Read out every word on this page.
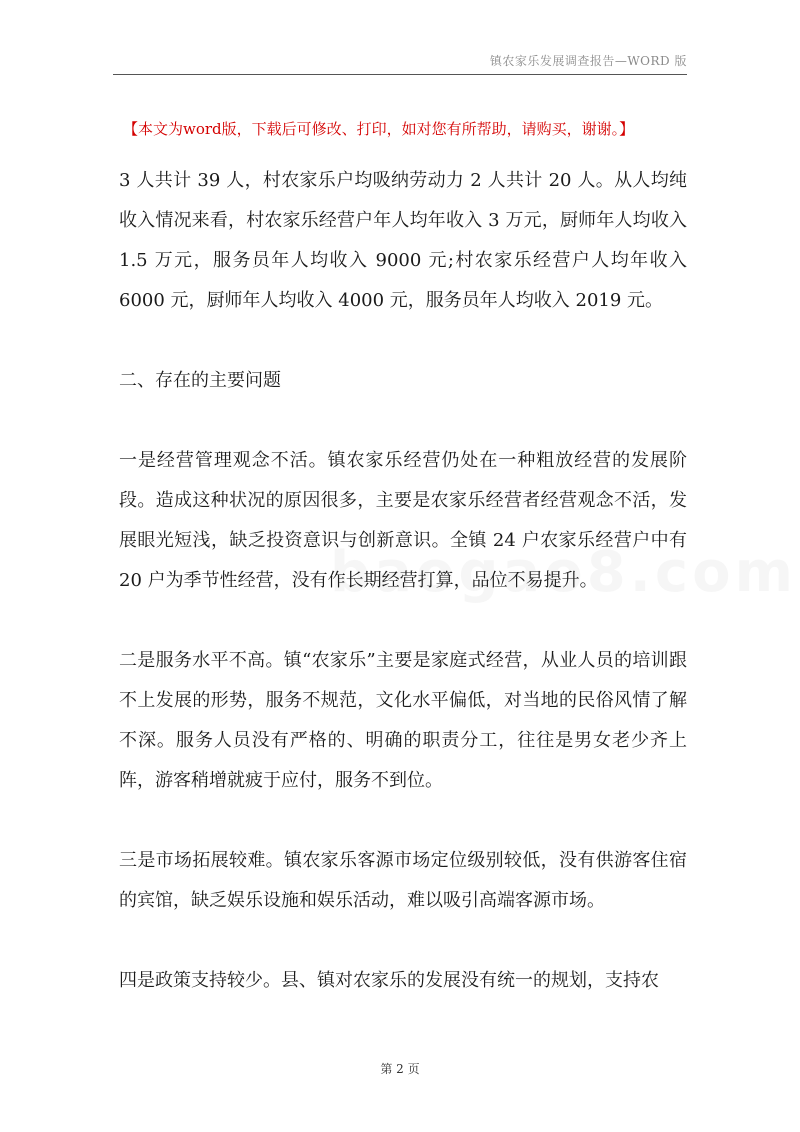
镇农家乐发展调查报告—WORD 版
【本文为word版，下载后可修改、打印，如对您有所帮助，请购买，谢谢。】

3 人共计 39 人，村农家乐户均吸纳劳动力 2 人共计 20 人。从人均纯收入情况来看，村农家乐经营户年人均年收入 3 万元，厨师年人均收入 1.5 万元，服务员年人均收入 9000 元;村农家乐经营户人均年收入 6000 元，厨师年人均收入 4000 元，服务员年人均收入 2019 元。

二、存在的主要问题

一是经营管理观念不活。镇农家乐经营仍处在一种粗放经营的发展阶段。造成这种状况的原因很多，主要是农家乐经营者经营观念不活，发展眼光短浅，缺乏投资意识与创新意识。全镇 24 户农家乐经营户中有 20 户为季节性经营，没有作长期经营打算，品位不易提升。

二是服务水平不高。镇“农家乐”主要是家庭式经营，从业人员的培训跟不上发展的形势，服务不规范，文化水平偏低，对当地的民俗风情了解不深。服务人员没有严格的、明确的职责分工，往往是男女老少齐上阵，游客稍增就疲于应付，服务不到位。

三是市场拓展较难。镇农家乐客源市场定位级别较低，没有供游客住宿的宾馆，缺乏娱乐设施和娱乐活动，难以吸引高端客源市场。

四是政策支持较少。县、镇对农家乐的发展没有统一的规划，支持农

第 2 页
